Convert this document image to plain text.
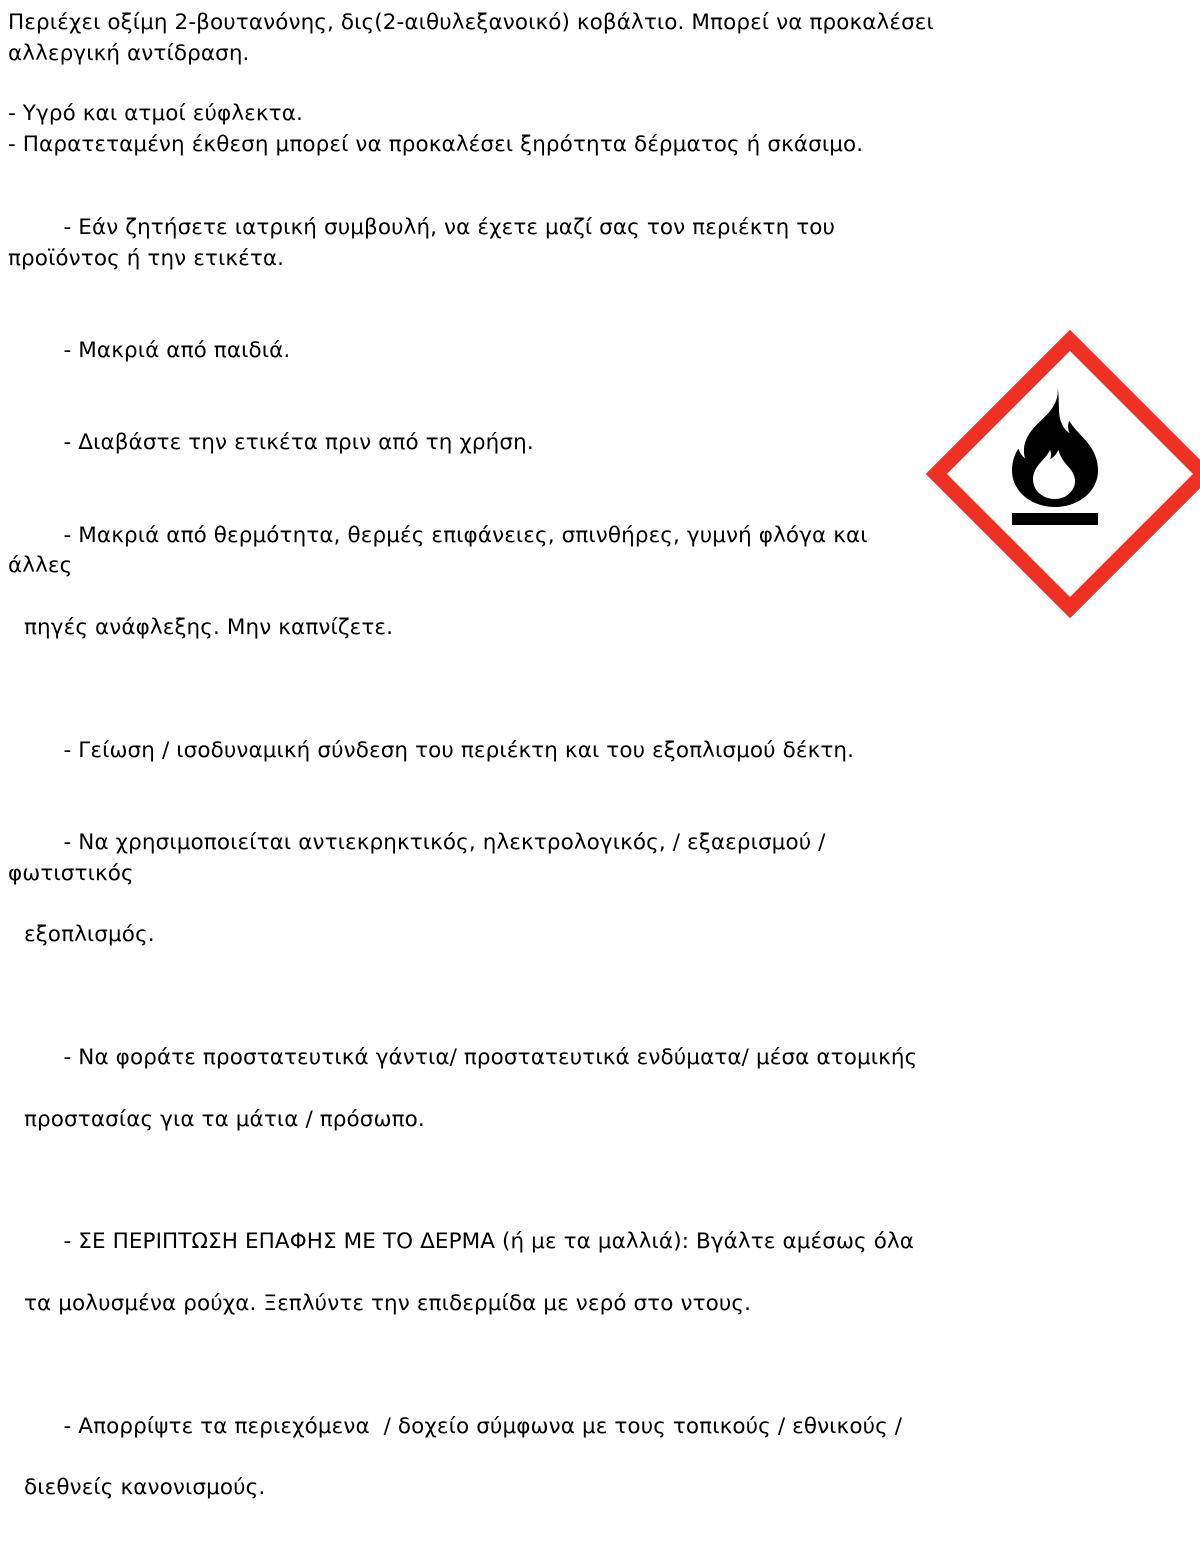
Περιέχει οξίμη 2-βουτανόνης, δις(2-αιθυλεξανοικό) κοβάλτιο. Μπορεί να προκαλέσει αλλεργική αντίδραση.

- Υγρό και ατμοί εύφλεκτα.
- Παρατεταμένη έκθεση μπορεί να προκαλέσει ξηρότητα δέρματος ή σκάσιμο.

- Εάν ζητήσετε ιατρική συμβουλή, να έχετε μαζί σας τον περιέκτη του προϊόντος ή την ετικέτα.

- Μακριά από παιδιά.

- Διαβάστε την ετικέτα πριν από τη χρήση.

- Μακριά από θερμότητα, θερμές επιφάνειες, σπινθήρες, γυμνή φλόγα και άλλες

πηγές ανάφλεξης. Μην καπνίζετε.

- Γείωση / ισοδυναμική σύνδεση του περιέκτη και του εξοπλισμού δέκτη.

- Να χρησιμοποιείται αντιεκρηκτικός, ηλεκτρολογικός, / εξαερισμού / φωτιστικός

εξοπλισμός.

- Να φοράτε προστατευτικά γάντια/ προστατευτικά ενδύματα/ μέσα ατομικής

προστασίας για τα μάτια / πρόσωπο.

- ΣΕ ΠΕΡΙΠΤΩΣΗ ΕΠΑΦΗΣ ΜΕ ΤΟ ΔΕΡΜΑ (ή με τα μαλλιά): Βγάλτε αμέσως όλα

τα μολυσμένα ρούχα. Ξεπλύντε την επιδερμίδα με νερό στο ντους.

- Απορρίψτε τα περιεχόμενα  / δοχείο σύμφωνα με τους τοπικούς / εθνικούς /

διεθνείς κανονισμούς.
